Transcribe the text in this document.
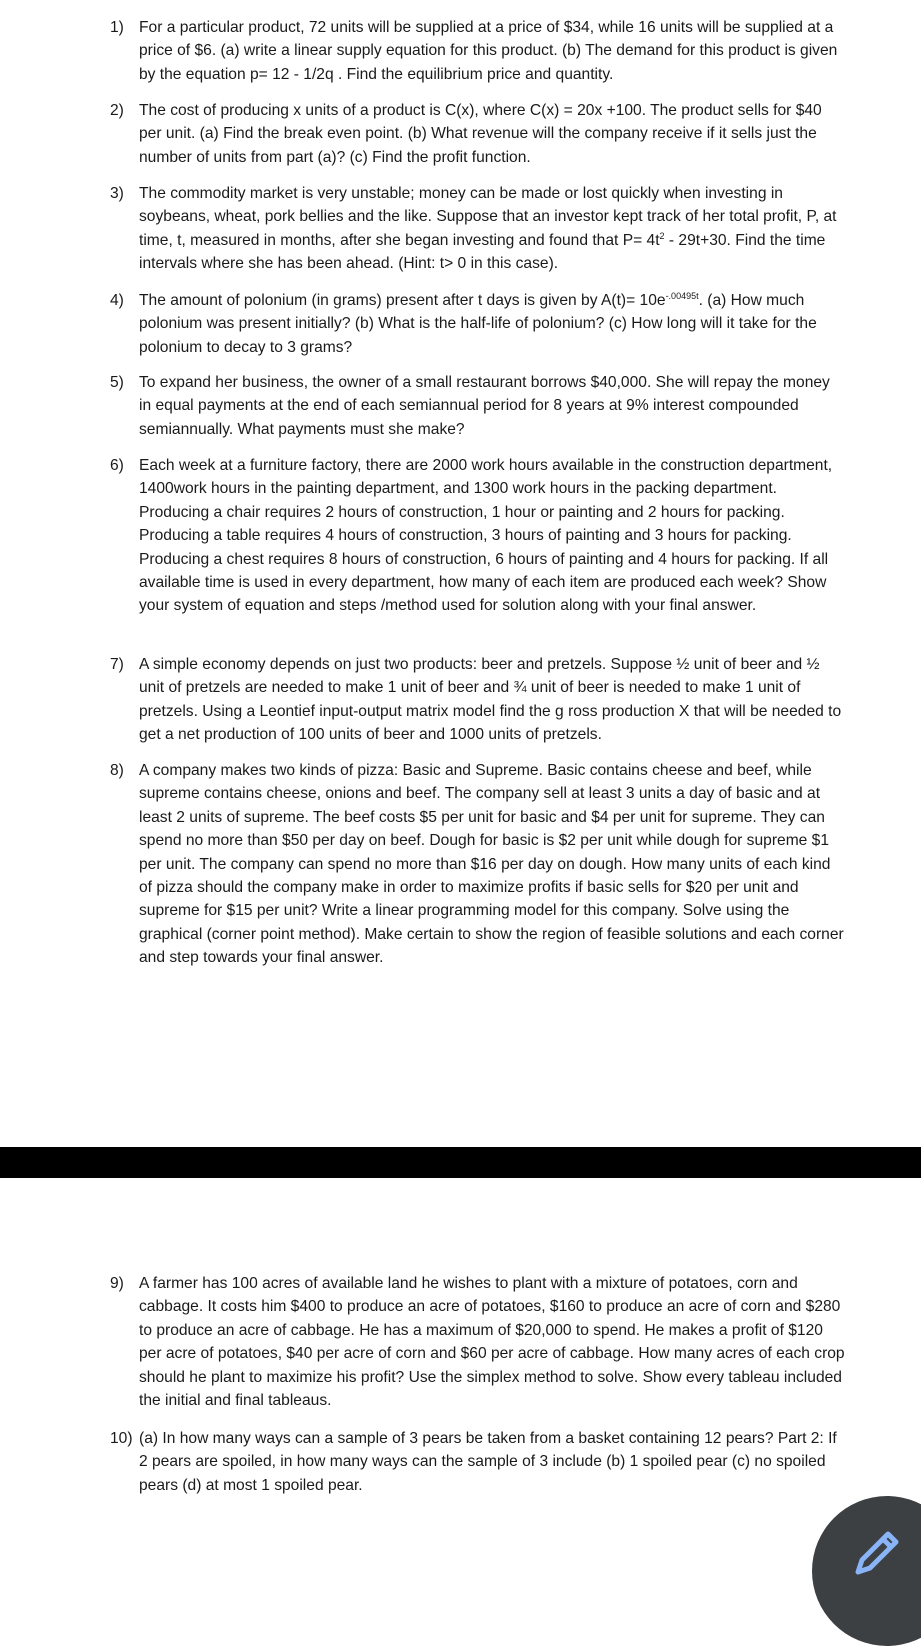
1) For a particular product, 72 units will be supplied at a price of $34, while 16 units will be supplied at a price of $6. (a) write a linear supply equation for this product. (b) The demand for this product is given by the equation p= 12 - 1/2q . Find the equilibrium price and quantity.
2) The cost of producing x units of a product is C(x), where C(x) = 20x +100. The product sells for $40 per unit. (a) Find the break even point. (b) What revenue will the company receive if it sells just the number of units from part (a)? (c) Find the profit function.
3) The commodity market is very unstable; money can be made or lost quickly when investing in soybeans, wheat, pork bellies and the like. Suppose that an investor kept track of her total profit, P, at time, t, measured in months, after she began investing and found that $P= 4t^2 - 29t+30$. Find the time intervals where she has been ahead. (Hint: t> 0 in this case).
4) The amount of polonium (in grams) present after t days is given by $A(t)= 10e^{-.00495t}$. (a) How much polonium was present initially? (b) What is the half-life of polonium? (c) How long will it take for the polonium to decay to 3 grams?
5) To expand her business, the owner of a small restaurant borrows $40,000. She will repay the money in equal payments at the end of each semiannual period for 8 years at 9% interest compounded semiannually. What payments must she make?
6) Each week at a furniture factory, there are 2000 work hours available in the construction department, 1400work hours in the painting department, and 1300 work hours in the packing department. Producing a chair requires 2 hours of construction, 1 hour or painting and 2 hours for packing. Producing a table requires 4 hours of construction, 3 hours of painting and 3 hours for packing. Producing a chest requires 8 hours of construction, 6 hours of painting and 4 hours for packing. If all available time is used in every department, how many of each item are produced each week? Show your system of equation and steps /method used for solution along with your final answer.
7) A simple economy depends on just two products: beer and pretzels. Suppose ½ unit of beer and ½ unit of pretzels are needed to make 1 unit of beer and ¾ unit of beer is needed to make 1 unit of pretzels. Using a Leontief input-output matrix model find the g ross production X that will be needed to get a net production of 100 units of beer and 1000 units of pretzels.
8) A company makes two kinds of pizza: Basic and Supreme. Basic contains cheese and beef, while supreme contains cheese, onions and beef. The company sell at least 3 units a day of basic and at least 2 units of supreme. The beef costs $5 per unit for basic and $4 per unit for supreme. They can spend no more than $50 per day on beef. Dough for basic is $2 per unit while dough for supreme $1 per unit. The company can spend no more than $16 per day on dough. How many units of each kind of pizza should the company make in order to maximize profits if basic sells for $20 per unit and supreme for $15 per unit? Write a linear programming model for this company. Solve using the graphical (corner point method). Make certain to show the region of feasible solutions and each corner and step towards your final answer.
9) A farmer has 100 acres of available land he wishes to plant with a mixture of potatoes, corn and cabbage. It costs him $400 to produce an acre of potatoes, $160 to produce an acre of corn and $280 to produce an acre of cabbage. He has a maximum of $20,000 to spend. He makes a profit of $120 per acre of potatoes, $40 per acre of corn and $60 per acre of cabbage. How many acres of each crop should he plant to maximize his profit? Use the simplex method to solve. Show every tableau included the initial and final tableaus.
10) (a) In how many ways can a sample of 3 pears be taken from a basket containing 12 pears? Part 2: If 2 pears are spoiled, in how many ways can the sample of 3 include (b) 1 spoiled pear (c) no spoiled pears (d) at most 1 spoiled pear.
